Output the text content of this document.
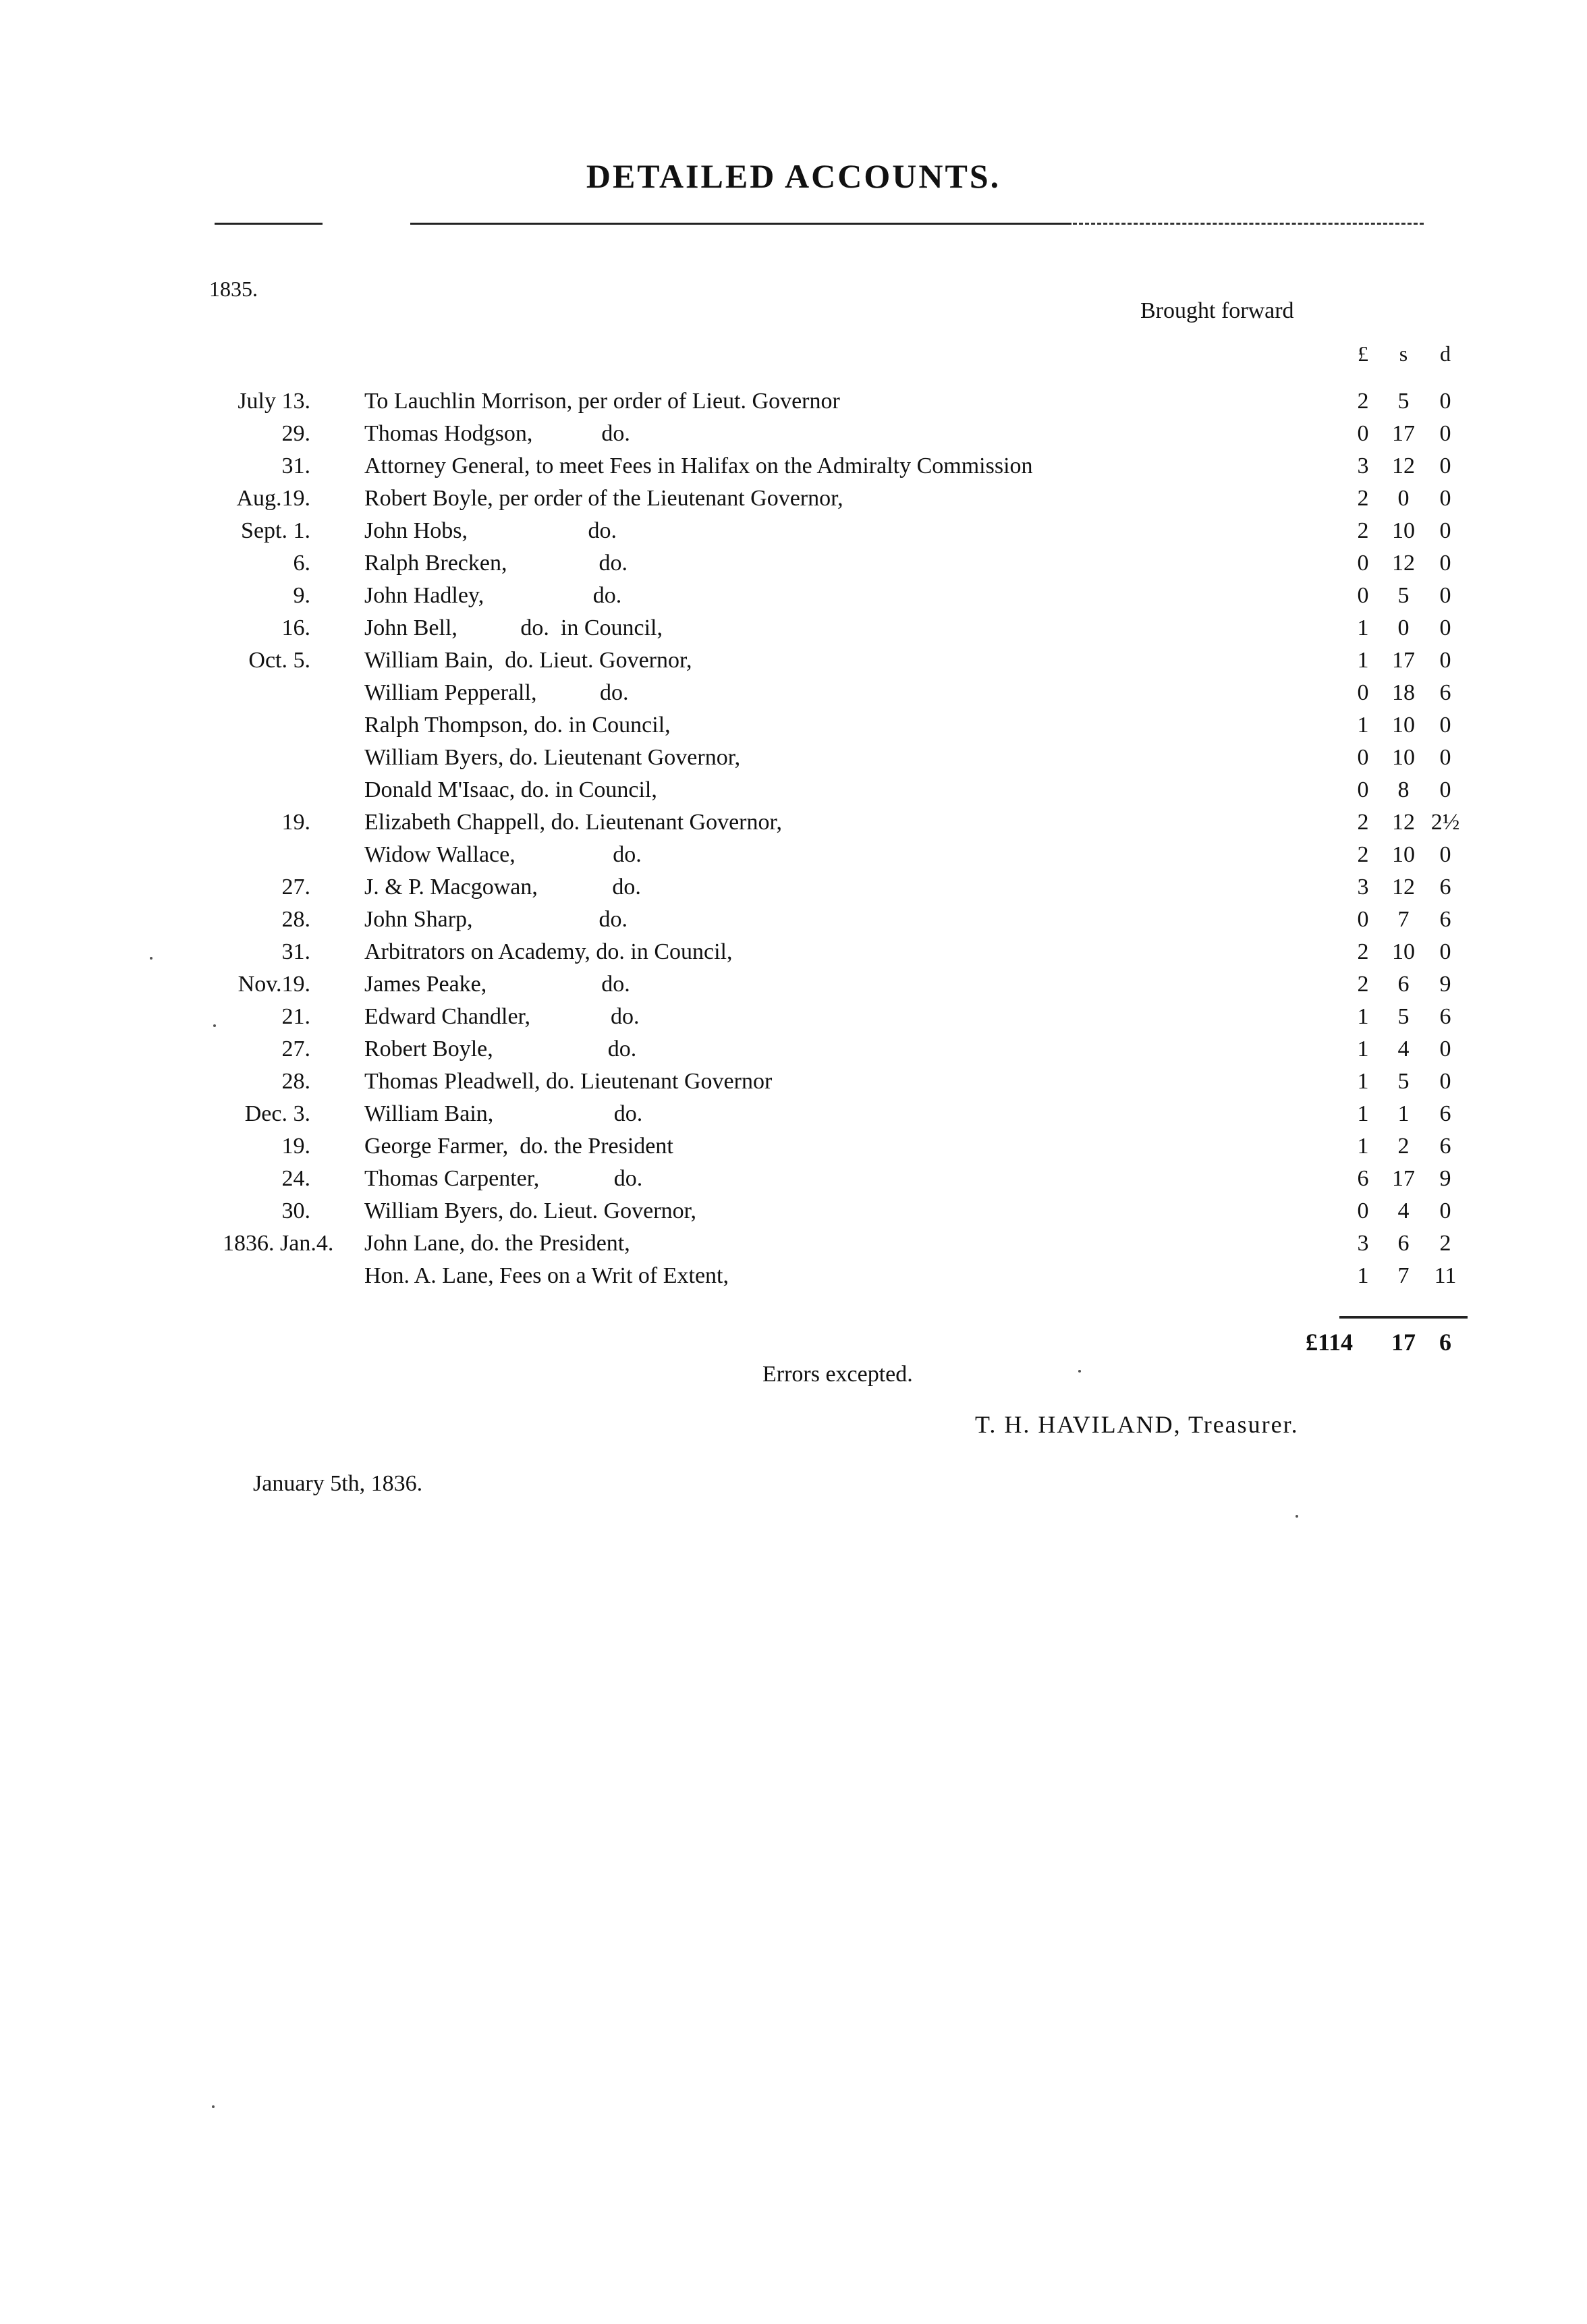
DETAILED ACCOUNTS.
1835.
Brought forward
£	s	d
July 13. To Lauchlin Morrison, per order of Lieut. Governor	2	5	0
29. Thomas Hodgson,            do.	0	17	0
31. Attorney General, to meet Fees in Halifax on the Admiralty Commission	3	12	0
Aug.19. Robert Boyle, per order of the Lieutenant Governor,	2	0	0
Sept. 1. John Hobs,                     do.	2	10	0
6. Ralph Brecken,                do.	0	12	0
9. John Hadley,                   do.	0	5	0
16. John Bell,           do.  in Council,	1	0	0
Oct. 5. William Bain,  do. Lieut. Governor,	1	17	0
William Pepperall,           do.	0	18	6
Ralph Thompson, do. in Council,	1	10	0
William Byers, do. Lieutenant Governor,	0	10	0
Donald M'Isaac, do. in Council,	0	8	0
19. Elizabeth Chappell, do. Lieutenant Governor,	2	12 2½
Widow Wallace,                 do.	2	10	0
27. J. & P. Macgowan,             do.	3	12	6
28. John Sharp,                      do.	0	7	6
31. Arbitrators on Academy, do. in Council,	2	10	0
Nov.19. James Peake,                    do.	2	6	9
21. Edward Chandler,              do.	1	5	6
27. Robert Boyle,                    do.	1	4	0
28. Thomas Pleadwell, do. Lieutenant Governor	1	5	0
Dec. 3. William Bain,                     do.	1	1	6
19. George Farmer,  do. the President	1	2	6
24. Thomas Carpenter,             do.	6	17	9
30. William Byers, do. Lieut. Governor,	0	4	0
1836. Jan.4.	John Lane, do. the President,	3	6	2
Hon. A. Lane, Fees on a Writ of Extent,	1	7	11
£114	17 6
Errors excepted.
T. H. HAVILAND, Treasurer.
January 5th, 1836.
